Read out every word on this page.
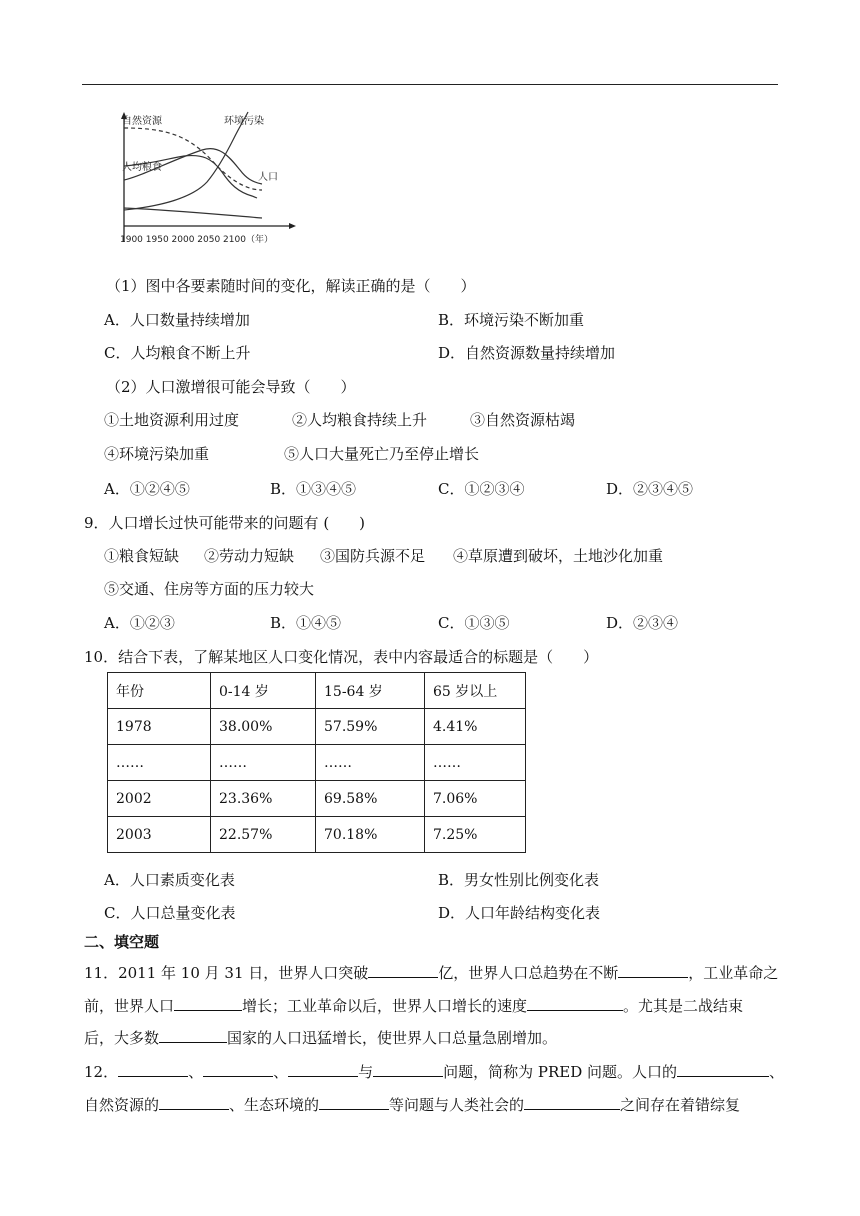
自然资源	环境污染
人均粮食
人口
1900 1950 2000 2050 2100（年）
（1）图中各要素随时间的变化，解读正确的是（　　）
A．人口数量持续增加	B．环境污染不断加重
C．人均粮食不断上升	D．自然资源数量持续增加
（2）人口激增很可能会导致（　　）
①土地资源利用过度	②人均粮食持续上升	③自然资源枯竭
④环境污染加重	⑤人口大量死亡乃至停止增长
A．①②④⑤	B．①③④⑤	C．①②③④	D．②③④⑤
9．人口增长过快可能带来的问题有 (　　)
①粮食短缺 ②劳动力短缺 ③国防兵源不足 ④草原遭到破坏，土地沙化加重
⑤交通、住房等方面的压力较大
A．①②③	B．①④⑤	C．①③⑤	D．②③④
10．结合下表，了解某地区人口变化情况，表中内容最适合的标题是（　　）
年份	0-14 岁	15-64 岁	65 岁以上
1978	38.00%	57.59%	4.41%
……	……	……	……
2002	23.36%	69.58%	7.06%
2003	22.57%	70.18%	7.25%
A．人口素质变化表	B．男女性别比例变化表
C．人口总量变化表	D．人口年龄结构变化表
二、填空题
11．2011 年 10 月 31 日，世界人口突破	亿，世界人口总趋势在不断	，工业革命之
前，世界人口	增长；工业革命以后，世界人口增长的速度	。尤其是二战结束
后，大多数	国家的人口迅猛增长，使世界人口总量急剧增加。
12．	、	、	与	问题，简称为 PRED 问题。人口的	、
自然资源的	、生态环境的	等问题与人类社会的	之间存在着错综复
